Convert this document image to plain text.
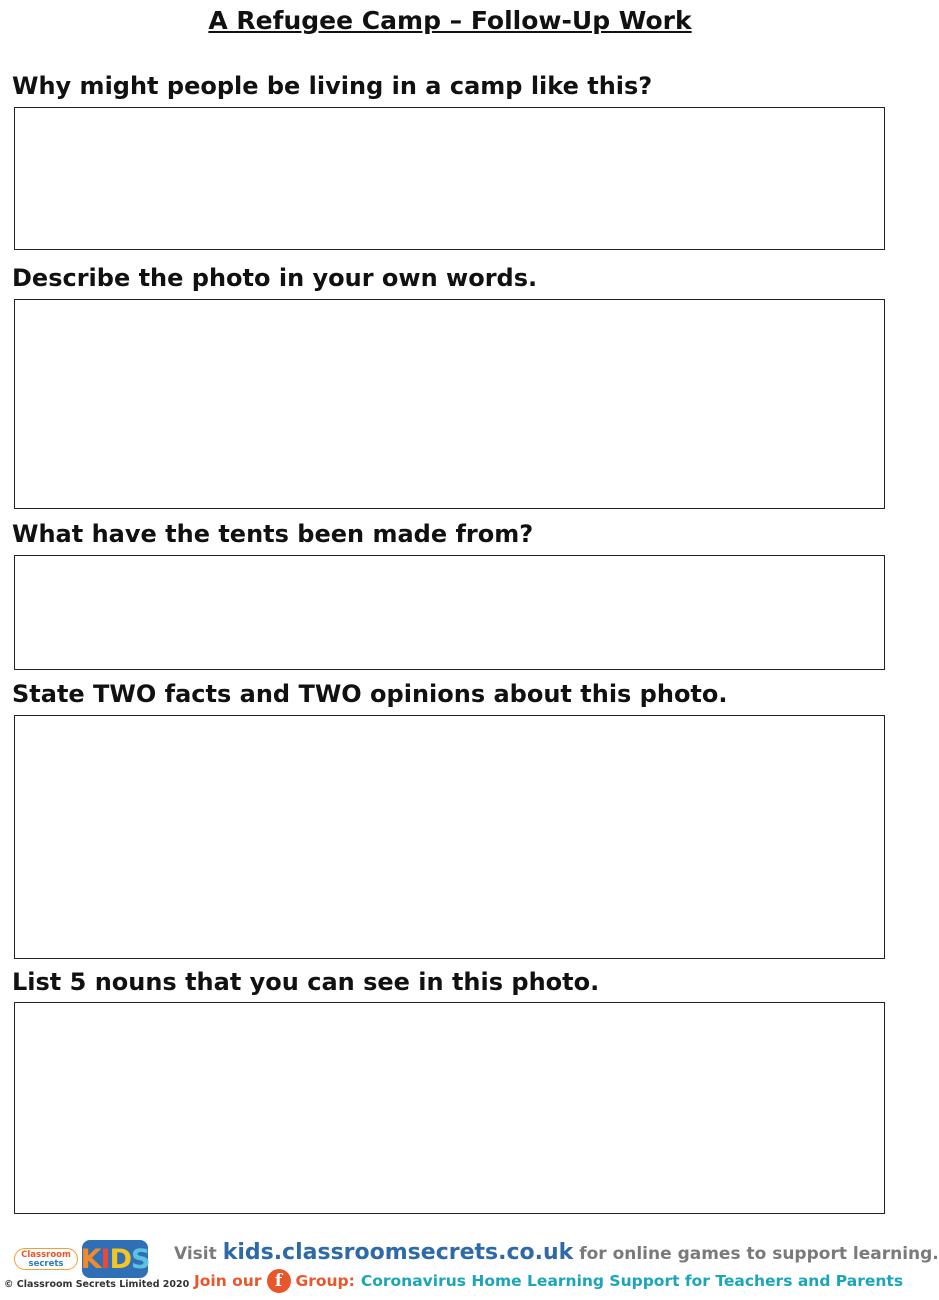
A Refugee Camp – Follow-Up Work
Why might people be living in a camp like this?
Describe the photo in your own words.
What have the tents been made from?
State TWO facts and TWO opinions about this photo.
List 5 nouns that you can see in this photo.
Classroom
secrets K I D S
© Classroom Secrets Limited 2020
Visit kids.classroomsecrets.co.uk for online games to support learning.
Join our f Group: Coronavirus Home Learning Support for Teachers and Parents
